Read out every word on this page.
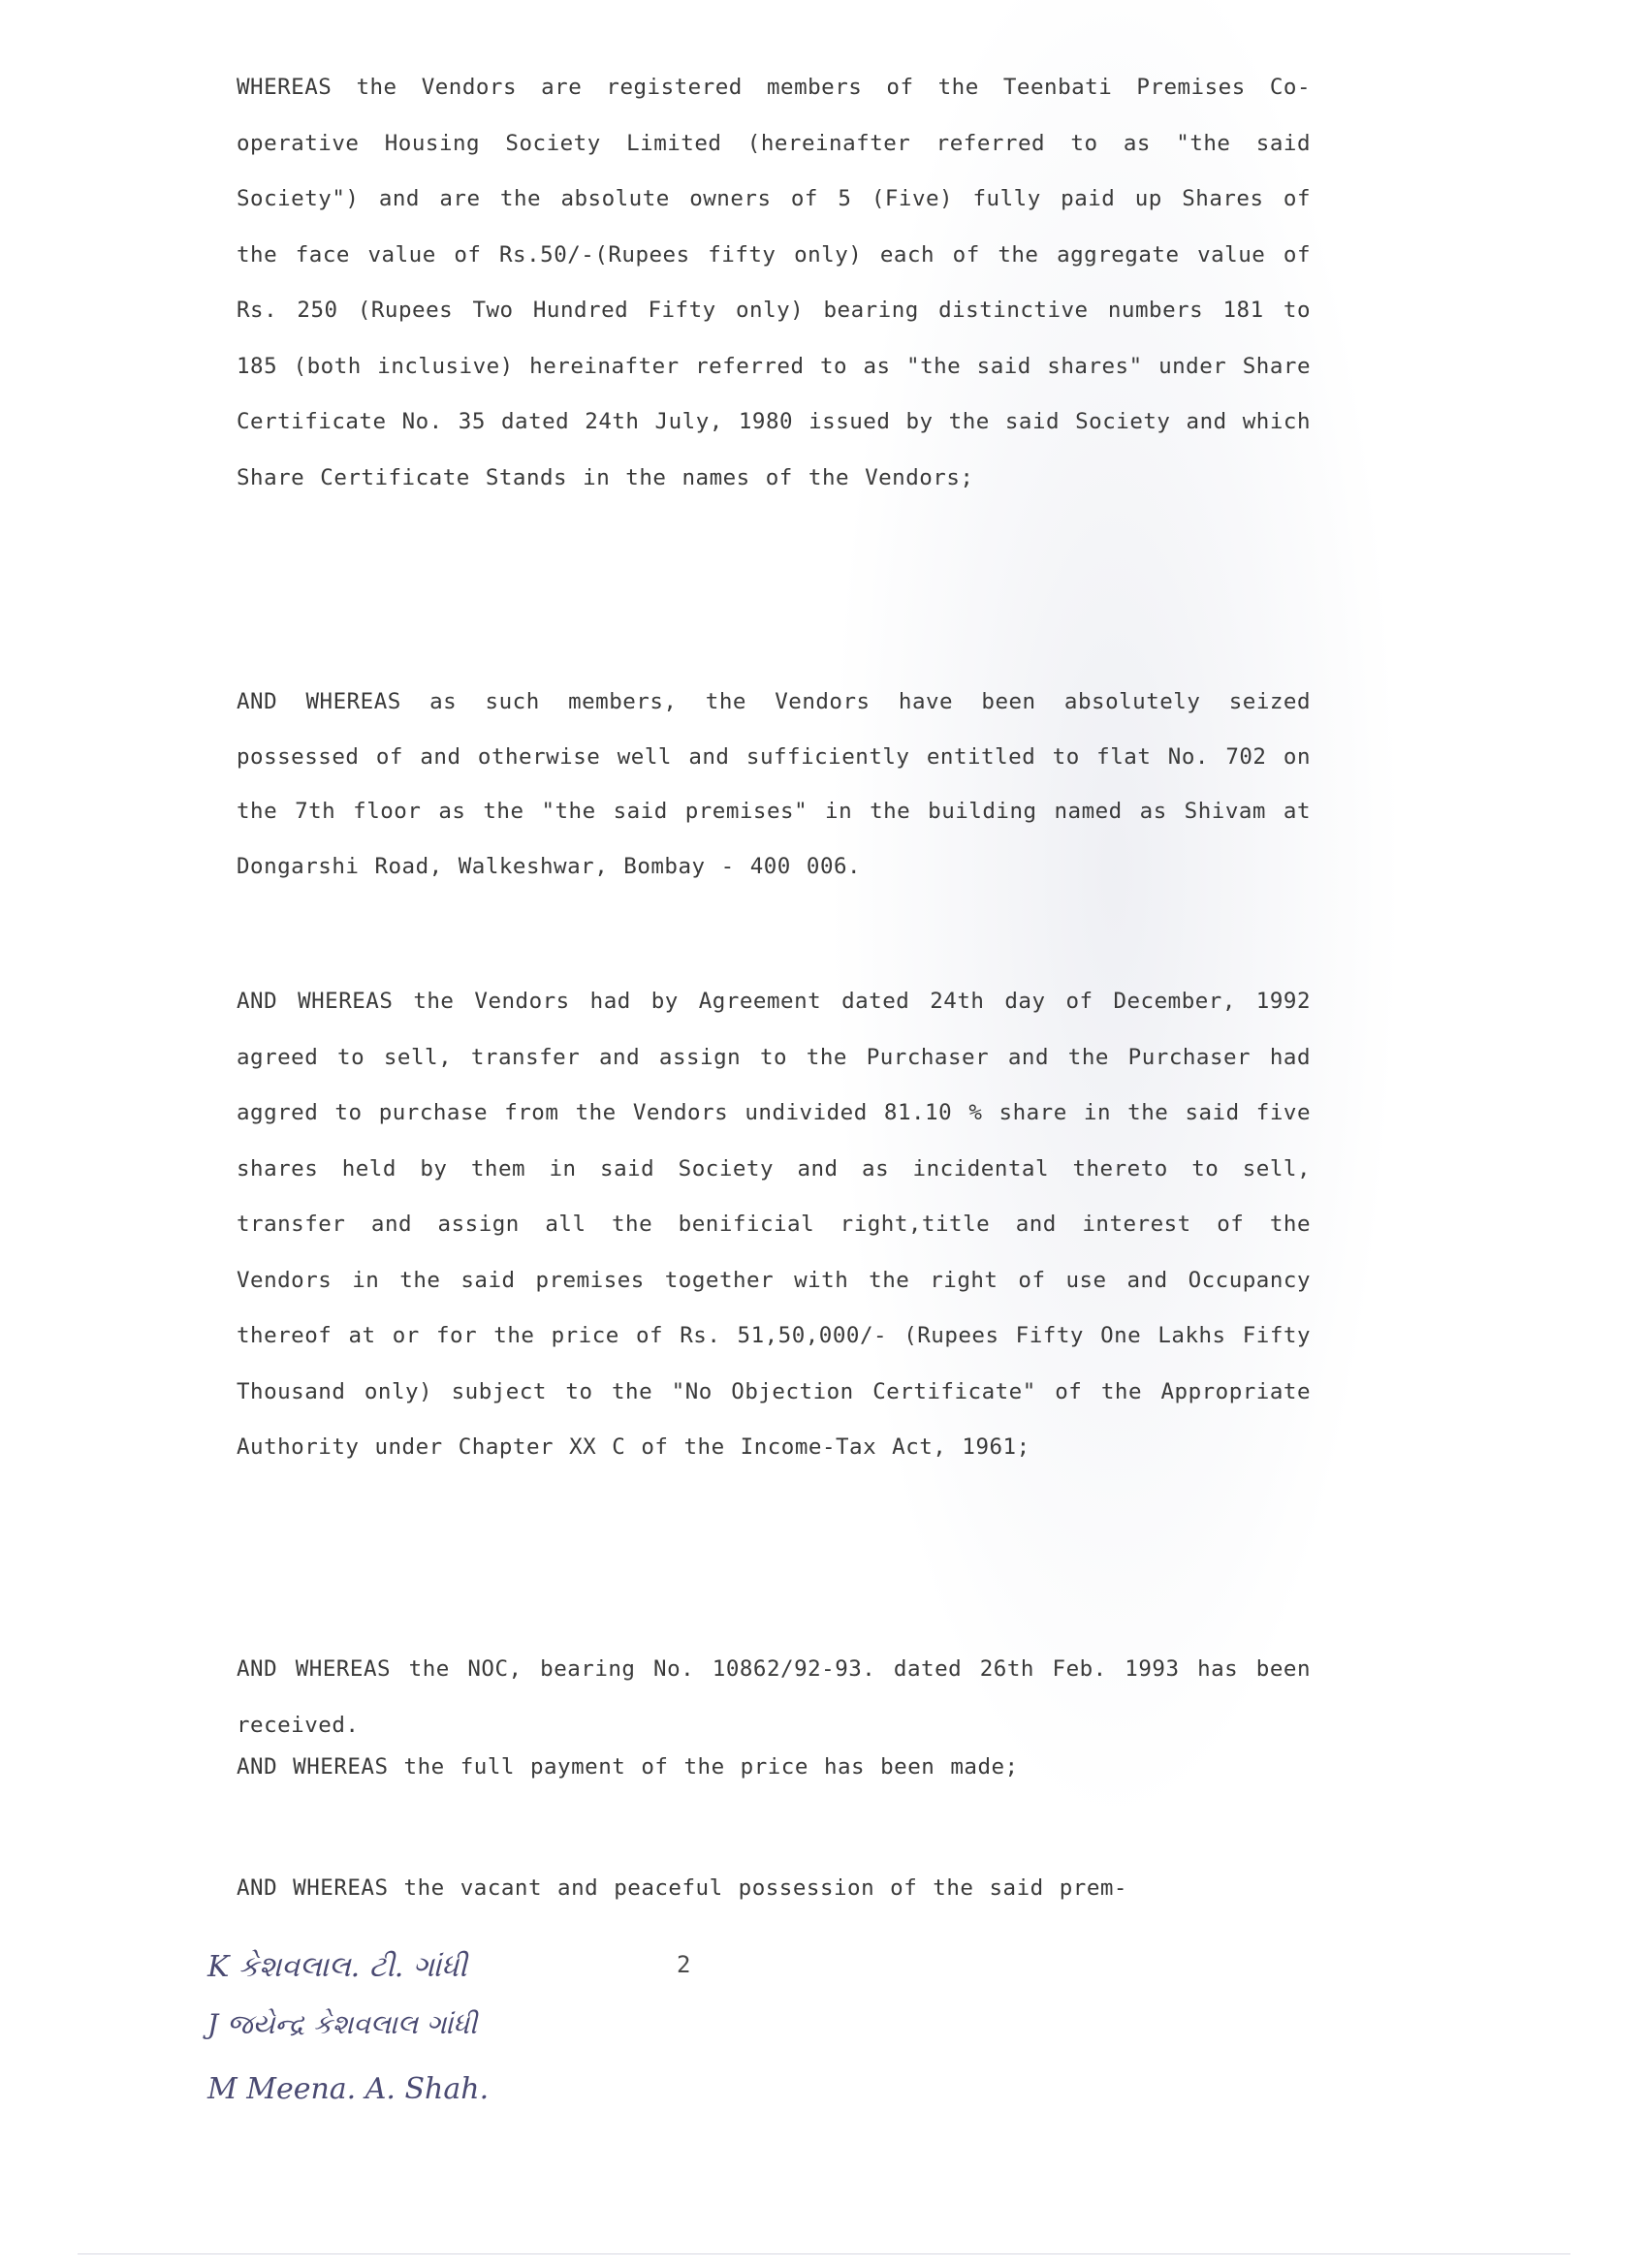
WHEREAS the Vendors are registered members of the Teenbati Premises Co-operative Housing Society Limited (hereinafter referred to as "the said Society") and are the absolute owners of 5 (Five) fully paid up Shares of the face value of Rs.50/-(Rupees fifty only) each of the aggregate value of Rs. 250 (Rupees Two Hundred Fifty only) bearing distinctive numbers 181 to 185 (both inclusive) hereinafter referred to as "the said shares" under Share Certificate No. 35 dated 24th July, 1980 issued by the said Society and which Share Certificate Stands in the names of the Vendors;

AND WHEREAS as such members, the Vendors have been absolutely seized possessed of and otherwise well and sufficiently entitled to flat No. 702 on the 7th floor as the "the said premises" in the building named as Shivam at Dongarshi Road, Walkeshwar, Bombay - 400 006.

AND WHEREAS the Vendors had by Agreement dated 24th day of December, 1992 agreed to sell, transfer and assign to the Purchaser and the Purchaser had aggred to purchase from the Vendors undivided 81.10 % share in the said five shares held by them in said Society and as incidental thereto to sell, transfer and assign all the benificial right,title and interest of the Vendors in the said premises together with the right of use and Occupancy thereof at or for the price of Rs. 51,50,000/- (Rupees Fifty One Lakhs Fifty Thousand only) subject to the "No Objection Certificate" of the Appropriate Authority under Chapter XX C of the Income-Tax Act, 1961;

AND WHEREAS the NOC, bearing No. 10862/92-93. dated 26th Feb. 1993 has been received.

AND WHEREAS the full payment of the price has been made;

AND WHEREAS the vacant and peaceful possession of the said prem-

2
K કેશવલાલ. ટી. ગાંધી
J જયેન્દ્ર કેશવલાલ ગાંધી
M Meena. A. Shah.
